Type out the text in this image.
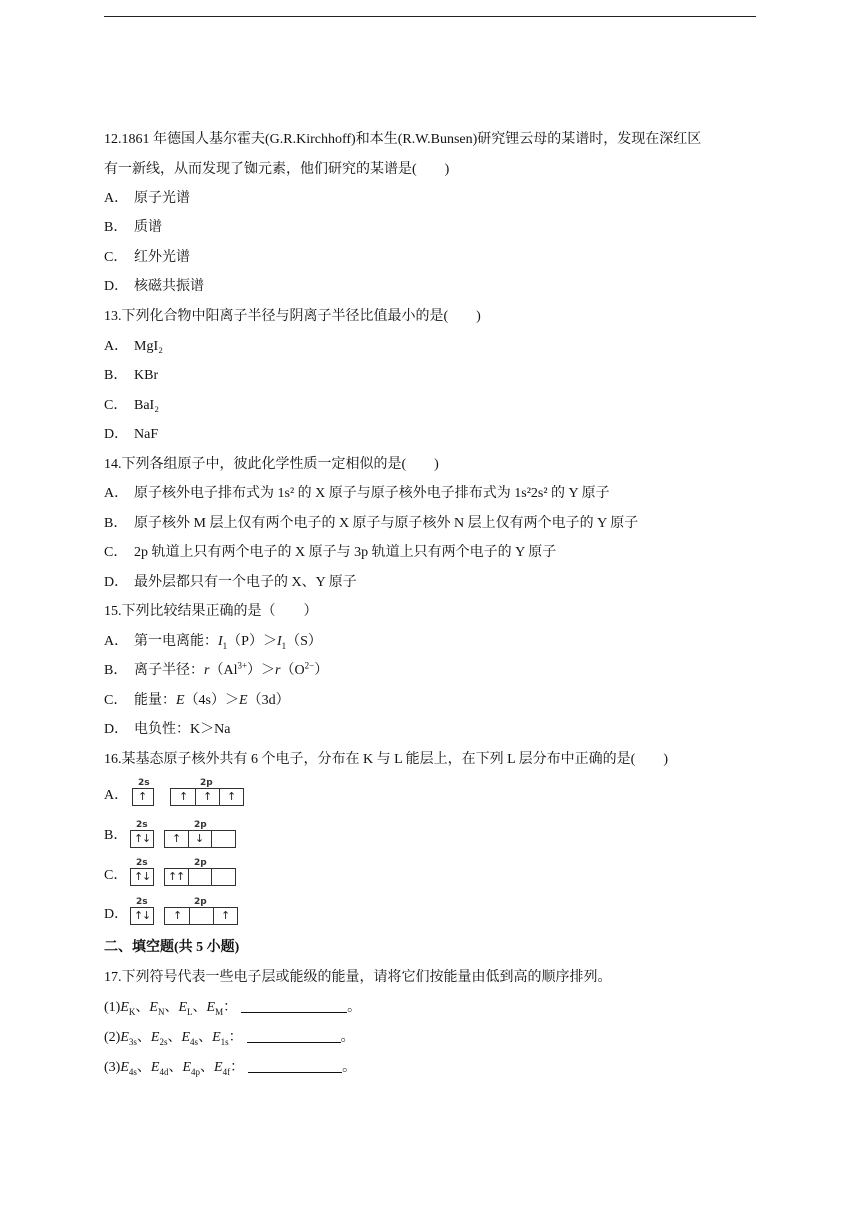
12.1861 年德国人基尔霍夫(G.R.Kirchhoff)和本生(R.W.Bunsen)研究锂云母的某谱时，发现在深红区
有一新线，从而发现了铷元素，他们研究的某谱是(　　)
A． 原子光谱
B． 质谱
C． 红外光谱
D． 核磁共振谱
13.下列化合物中阳离子半径与阴离子半径比值最小的是(　　)
A． MgI₂
B． KBr
C． BaI₂
D． NaF
14.下列各组原子中，彼此化学性质一定相似的是(　　)
A． 原子核外电子排布式为 1s² 的 X 原子与原子核外电子排布式为 1s²2s² 的 Y 原子
B． 原子核外 M 层上仅有两个电子的 X 原子与原子核外 N 层上仅有两个电子的 Y 原子
C． 2p 轨道上只有两个电子的 X 原子与 3p 轨道上只有两个电子的 Y 原子
D． 最外层都只有一个电子的 X、Y 原子
15.下列比较结果正确的是（　　）
A． 第一电离能：$I_1(P)>I_1(S)$
B． 离子半径：$r(Al^{3+})>r(O^{2-})$
C． 能量：E（4s）＞E（3d）
D． 电负性：K＞Na
16.某基态原子核外共有 6 个电子，分布在 K 与 L 能层上，在下列 L 层分布中正确的是(　　)
A．
2s	2p
↑	↑ ↑ ↑
B．
2s	2p
↑
↓ ↑ ↓
C．
2s	2p
↑
↓ ↑
↑
D．
2s	2p
↑
↓ ↑	↑
二、填空题(共 5 小题)
17.下列符号代表一些电子层或能级的能量，请将它们按能量由低到高的顺序排列。
$(1)E_K$、$E_N$、$E_L$、$E_M$：	。
$(2)E_{3s}$、$E_{2s}$、$E_{4s}$、$E_{1s}$：	。
$(3)E_{4s}$、$E_{4d}$、$E_{4p}$、$E_{4f}$：	。
